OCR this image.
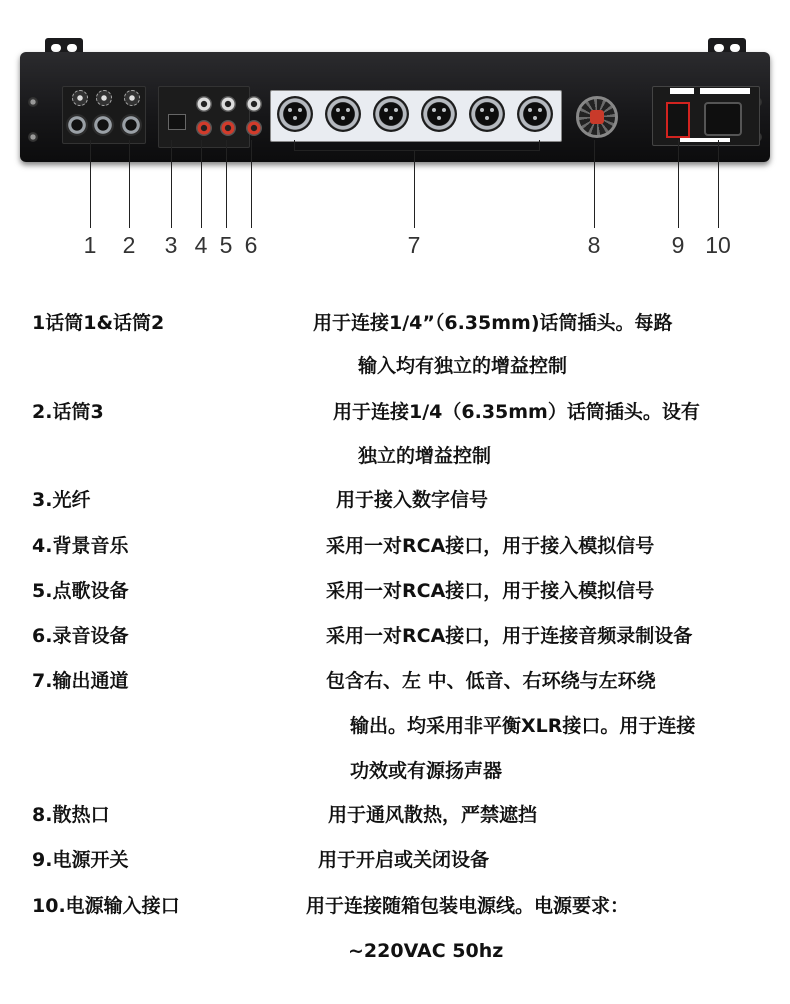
1 2 3 4 5 6	7	8	9 10
1话筒1&话筒2	用于连接1/4”（6.35mm)话筒插头。每路
输入均有独立的增益控制
2.话筒3	用于连接1/4（6.35mm）话筒插头。设有
独立的增益控制
3.光纤	用于接入数字信号
4.背景音乐	采用一对RCA接口，用于接入模拟信号
5.点歌设备	采用一对RCA接口，用于接入模拟信号
6.录音设备	采用一对RCA接口，用于连接音频录制设备
7.输出通道	包含右、左 中、低音、右环绕与左环绕
输出。均采用非平衡XLR接口。用于连接
功效或有源扬声器
8.散热口	用于通风散热，严禁遮挡
9.电源开关	用于开启或关闭设备
10.电源输入接口	用于连接随箱包装电源线。电源要求：
~220VAC 50hz
